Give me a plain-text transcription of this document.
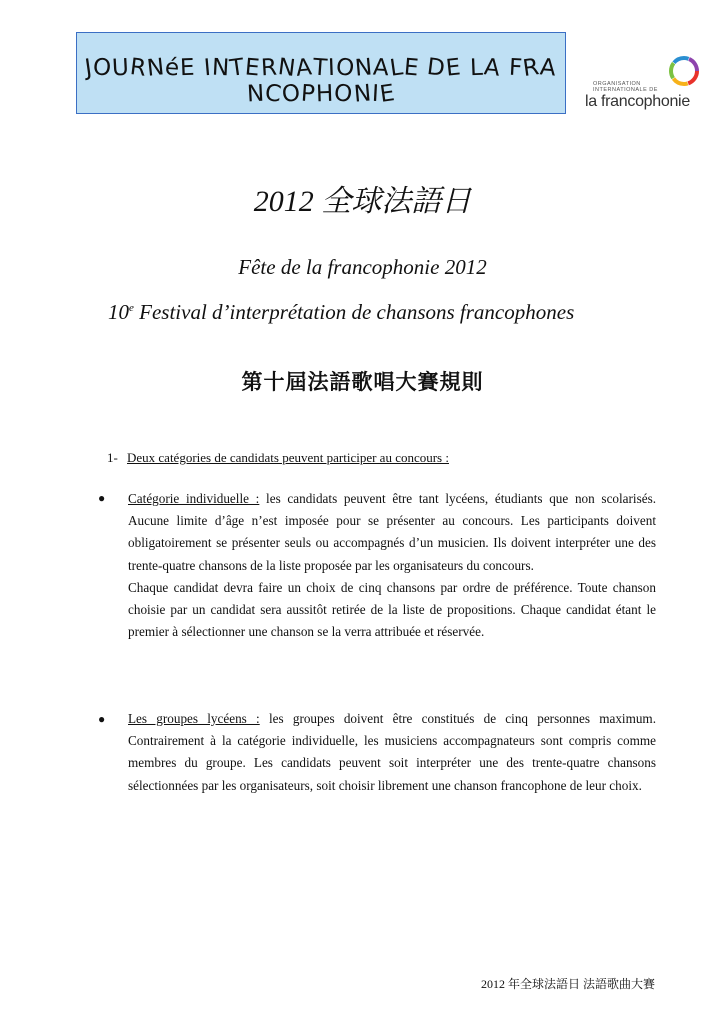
JOURNéE INTERNATIONALE DE LA FRANCOPHONIE	ORGANISATION
INTERNATIONALE DE
la francophonie
2012 全球法語日
Fête de la francophonie 2012
10e Festival d’interprétation de chansons francophones
第十屆法語歌唱大賽規則
1- Deux catégories de candidats peuvent participer au concours :
● Catégorie individuelle : les candidats peuvent être tant lycéens, étudiants que non scolarisés. Aucune limite d’âge n’est imposée pour se présenter au concours. Les participants doivent obligatoirement se présenter seuls ou accompagnés d’un musicien. Ils doivent interpréter une des trente-quatre chansons de la liste proposée par les organisateurs du concours.

Chaque candidat devra faire un choix de cinq chansons par ordre de préférence. Toute chanson choisie par un candidat sera aussitôt retirée de la liste de propositions. Chaque candidat étant le premier à sélectionner une chanson se la verra attribuée et réservée.

● Les groupes lycéens : les groupes doivent être constitués de cinq personnes maximum. Contrairement à la catégorie individuelle, les musiciens accompagnateurs sont compris comme membres du groupe. Les candidats peuvent soit interpréter une des trente-quatre chansons sélectionnées par les organisateurs, soit choisir librement une chanson francophone de leur choix.

2012 年全球法語日 法語歌曲大賽
